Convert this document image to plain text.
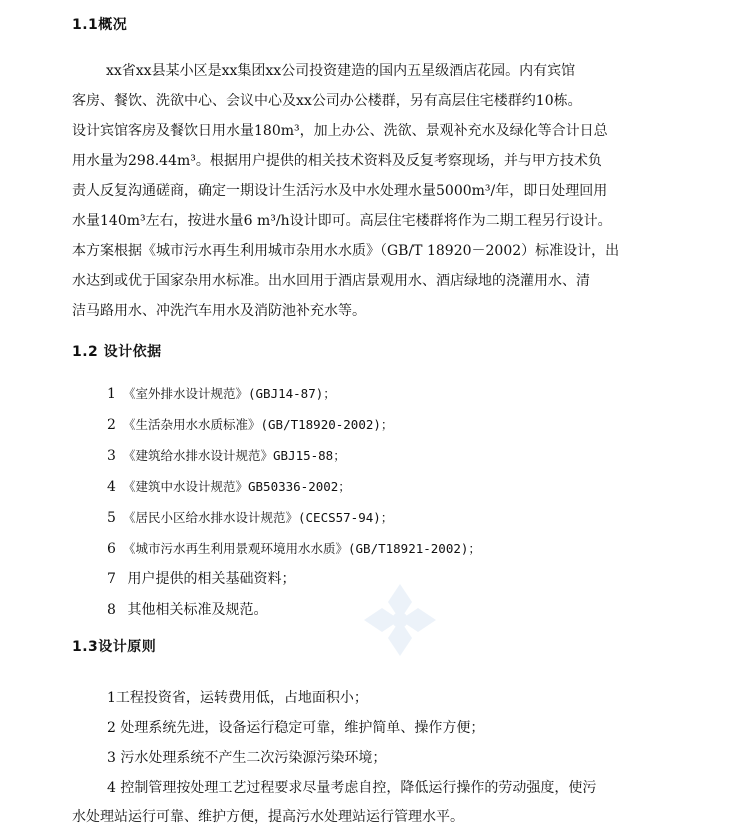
1.1概况
xx省xx县某小区是xx集团xx公司投资建造的国内五星级酒店花园。内有宾馆
客房、餐饮、洗欲中心、会议中心及xx公司办公楼群，另有高层住宅楼群约10栋。
设计宾馆客房及餐饮日用水量180m³，加上办公、洗欲、景观补充水及绿化等合计日总
用水量为298.44m³。根据用户提供的相关技术资料及反复考察现场，并与甲方技术负
责人反复沟通磋商，确定一期设计生活污水及中水处理水量5000m³/年，即日处理回用
水量140m³左右，按进水量6 m³/h设计即可。高层住宅楼群将作为二期工程另行设计。
本方案根据《城市污水再生利用城市杂用水水质》（GB/T 18920－2002）标准设计，出
水达到或优于国家杂用水标准。出水回用于酒店景观用水、酒店绿地的浇灌用水、清
洁马路用水、冲洗汽车用水及消防池补充水等。
1.2 设计依据
1 《室外排水设计规范》(GBJ14-87)；
2 《生活杂用水水质标准》(GB/T18920-2002)；
3 《建筑给水排水设计规范》GBJ15-88；
4 《建筑中水设计规范》GB50336-2002；
5 《居民小区给水排水设计规范》(CECS57-94)；
6 《城市污水再生利用景观环境用水水质》(GB/T18921-2002)；
7 用户提供的相关基础资料；
8 其他相关标准及规范。
1.3设计原则
1工程投资省，运转费用低，占地面积小；
2 处理系统先进，设备运行稳定可靠，维护简单、操作方便；
3 污水处理系统不产生二次污染源污染环境；
4 控制管理按处理工艺过程要求尽量考虑自控，降低运行操作的劳动强度，使污
水处理站运行可靠、维护方便，提高污水处理站运行管理水平。
